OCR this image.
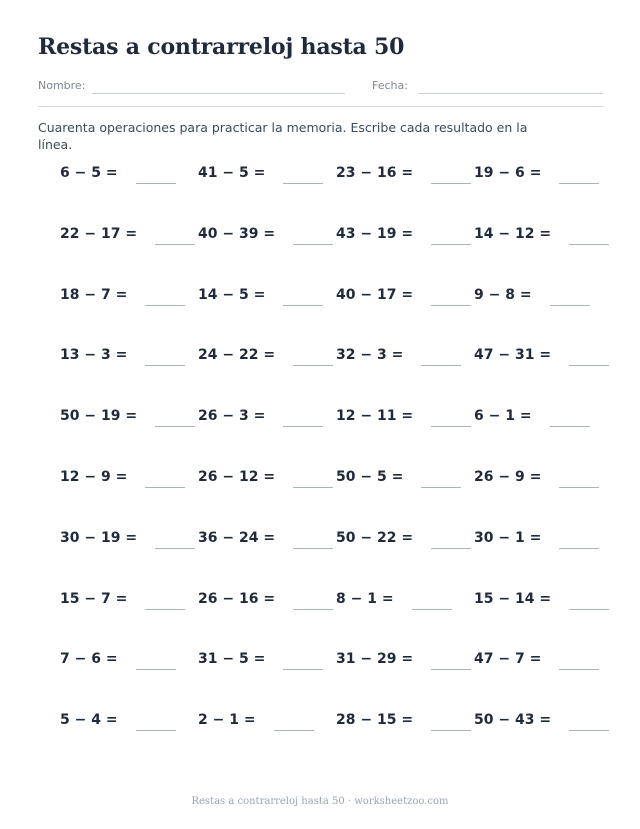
Restas a contrarreloj hasta 50
Nombre:	Fecha:
Cuarenta operaciones para practicar la memoria. Escribe cada resultado en la línea.
6 − 5 =	41 − 5 =	23 − 16 =	19 − 6 =
22 − 17 =	40 − 39 =	43 − 19 =	14 − 12 =
18 − 7 =	14 − 5 =	40 − 17 =	9 − 8 =
13 − 3 =	24 − 22 =	32 − 3 =	47 − 31 =
50 − 19 =	26 − 3 =	12 − 11 =	6 − 1 =
12 − 9 =	26 − 12 =	50 − 5 =	26 − 9 =
30 − 19 =	36 − 24 =	50 − 22 =	30 − 1 =
15 − 7 =	26 − 16 =	8 − 1 =	15 − 14 =
7 − 6 =	31 − 5 =	31 − 29 =	47 − 7 =
5 − 4 =	2 − 1 =	28 − 15 =	50 − 43 =
Restas a contrarreloj hasta 50 · worksheetzoo.com
